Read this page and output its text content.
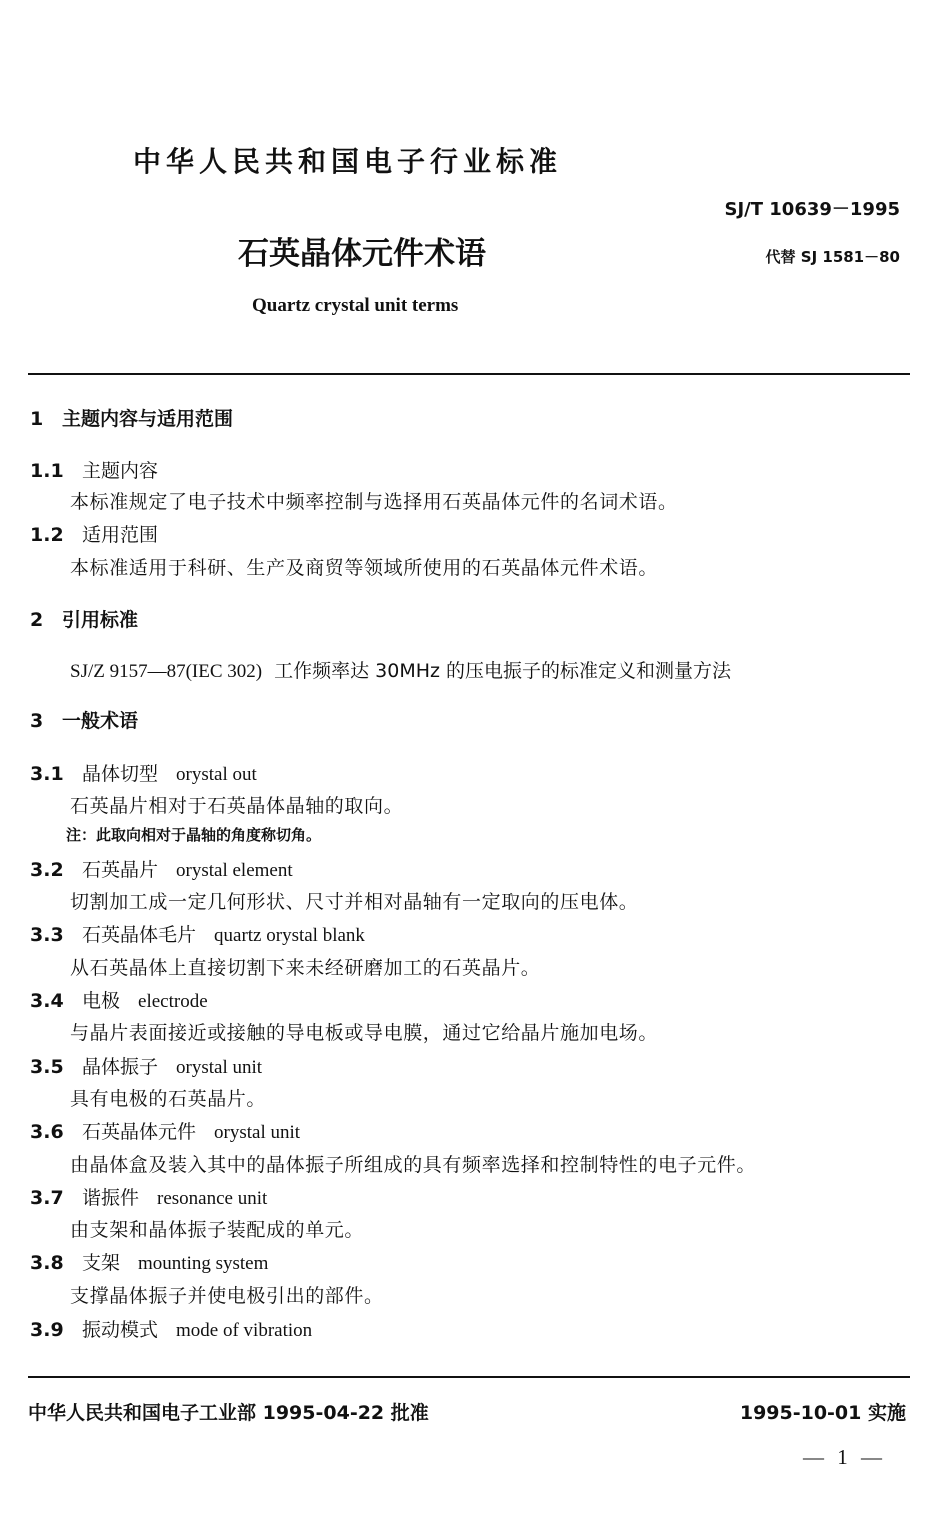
中华人民共和国电子行业标准
SJ/T 10639－1995
石英晶体元件术语	代替 SJ 1581－80
Quartz crystal unit terms
1 主题内容与适用范围
1.1 主题内容
本标准规定了电子技术中频率控制与选择用石英晶体元件的名词术语。
1.2 适用范围
本标准适用于科研、生产及商贸等领域所使用的石英晶体元件术语。
2 引用标准
SJ/Z 9157—87(IEC 302) 工作频率达 30MHz 的压电振子的标准定义和测量方法
3 一般术语
3.1 晶体切型 orystal out
石英晶片相对于石英晶体晶轴的取向。
注：此取向相对于晶轴的角度称切角。
3.2 石英晶片 orystal element
切割加工成一定几何形状、尺寸并相对晶轴有一定取向的压电体。
3.3 石英晶体毛片 quartz orystal blank
从石英晶体上直接切割下来未经研磨加工的石英晶片。
3.4 电极 electrode
与晶片表面接近或接触的导电板或导电膜，通过它给晶片施加电场。
3.5 晶体振子 orystal unit
具有电极的石英晶片。
3.6 石英晶体元件 orystal unit
由晶体盒及装入其中的晶体振子所组成的具有频率选择和控制特性的电子元件。
3.7 谐振件 resonance unit
由支架和晶体振子装配成的单元。
3.8 支架 mounting system
支撑晶体振子并使电极引出的部件。
3.9 振动模式 mode of vibration
中华人民共和国电子工业部 1995-04-22 批准	1995-10-01 实施
— 1 —
